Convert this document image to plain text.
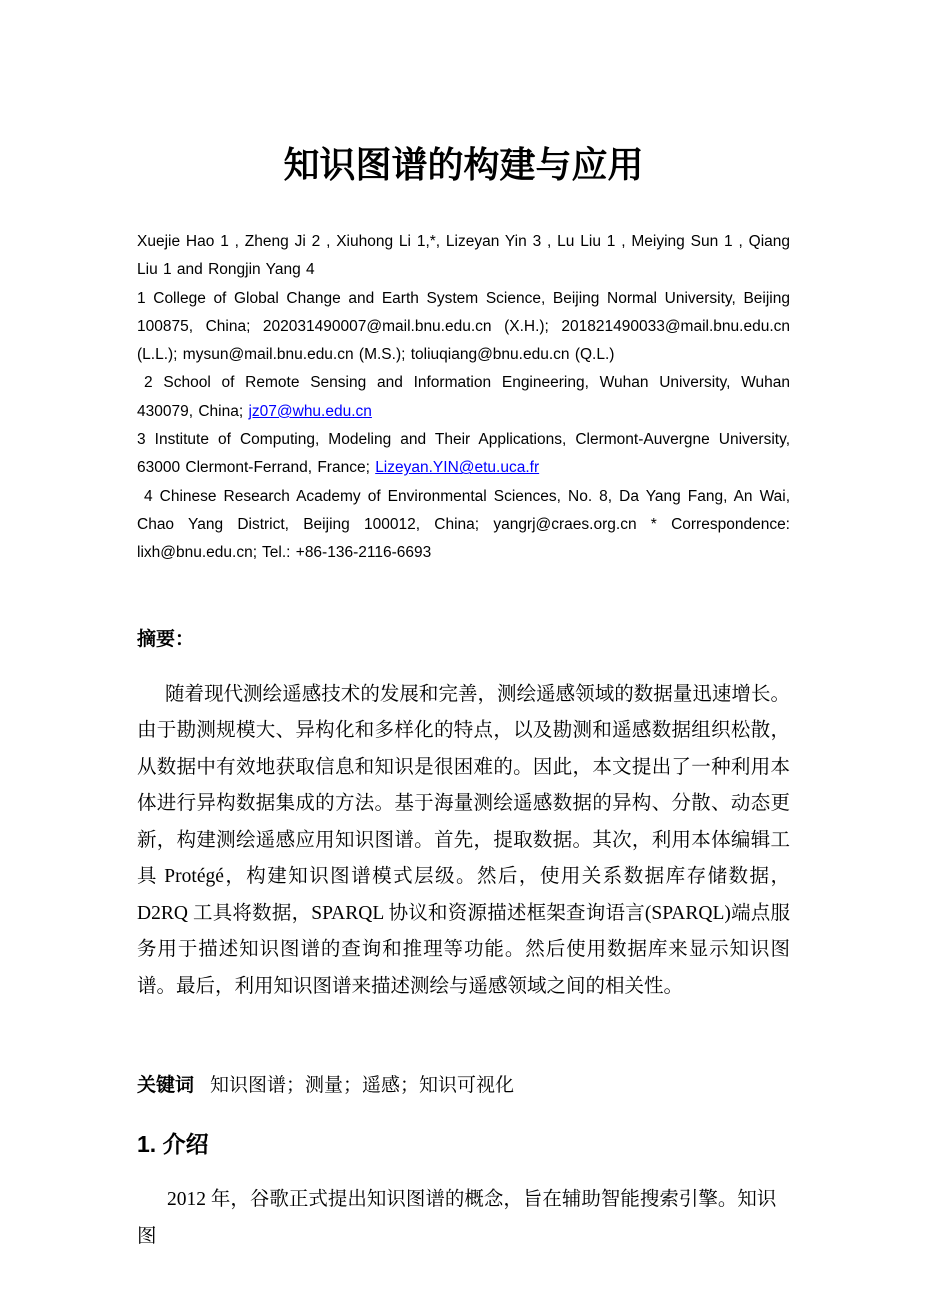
知识图谱的构建与应用

Xuejie Hao 1 , Zheng Ji 2 , Xiuhong Li 1,*, Lizeyan Yin 3 , Lu Liu 1 , Meiying Sun 1 , Qiang Liu 1 and Rongjin Yang 4

1 College of Global Change and Earth System Science, Beijing Normal University, Beijing 100875, China; 202031490007@mail.bnu.edu.cn (X.H.); 201821490033@mail.bnu.edu.cn (L.L.); mysun@mail.bnu.edu.cn (M.S.); toliuqiang@bnu.edu.cn (Q.L.)

2 School of Remote Sensing and Information Engineering, Wuhan University, Wuhan 430079, China; jz07@whu.edu.cn

3 Institute of Computing, Modeling and Their Applications, Clermont-Auvergne University, 63000 Clermont-Ferrand, France; Lizeyan.YIN@etu.uca.fr

4 Chinese Research Academy of Environmental Sciences, No. 8, Da Yang Fang, An Wai, Chao Yang District, Beijing 100012, China; yangrj@craes.org.cn * Correspondence: lixh@bnu.edu.cn; Tel.: +86-136-2116-6693

摘要：

随着现代测绘遥感技术的发展和完善，测绘遥感领域的数据量迅速增长。由于勘测规模大、异构化和多样化的特点，以及勘测和遥感数据组织松散，从数据中有效地获取信息和知识是很困难的。因此，本文提出了一种利用本体进行异构数据集成的方法。基于海量测绘遥感数据的异构、分散、动态更新，构建测绘遥感应用知识图谱。首先，提取数据。其次，利用本体编辑工具 Protégé，构建知识图谱模式层级。然后，使用关系数据库存储数据，D2RQ 工具将数据，SPARQL 协议和资源描述框架查询语言(SPARQL)端点服务用于描述知识图谱的查询和推理等功能。然后使用数据库来显示知识图谱。最后，利用知识图谱来描述测绘与遥感领域之间的相关性。

关键词 知识图谱；测量；遥感；知识可视化

1. 介绍

2012 年，谷歌正式提出知识图谱的概念，旨在辅助智能搜索引擎。知识图
